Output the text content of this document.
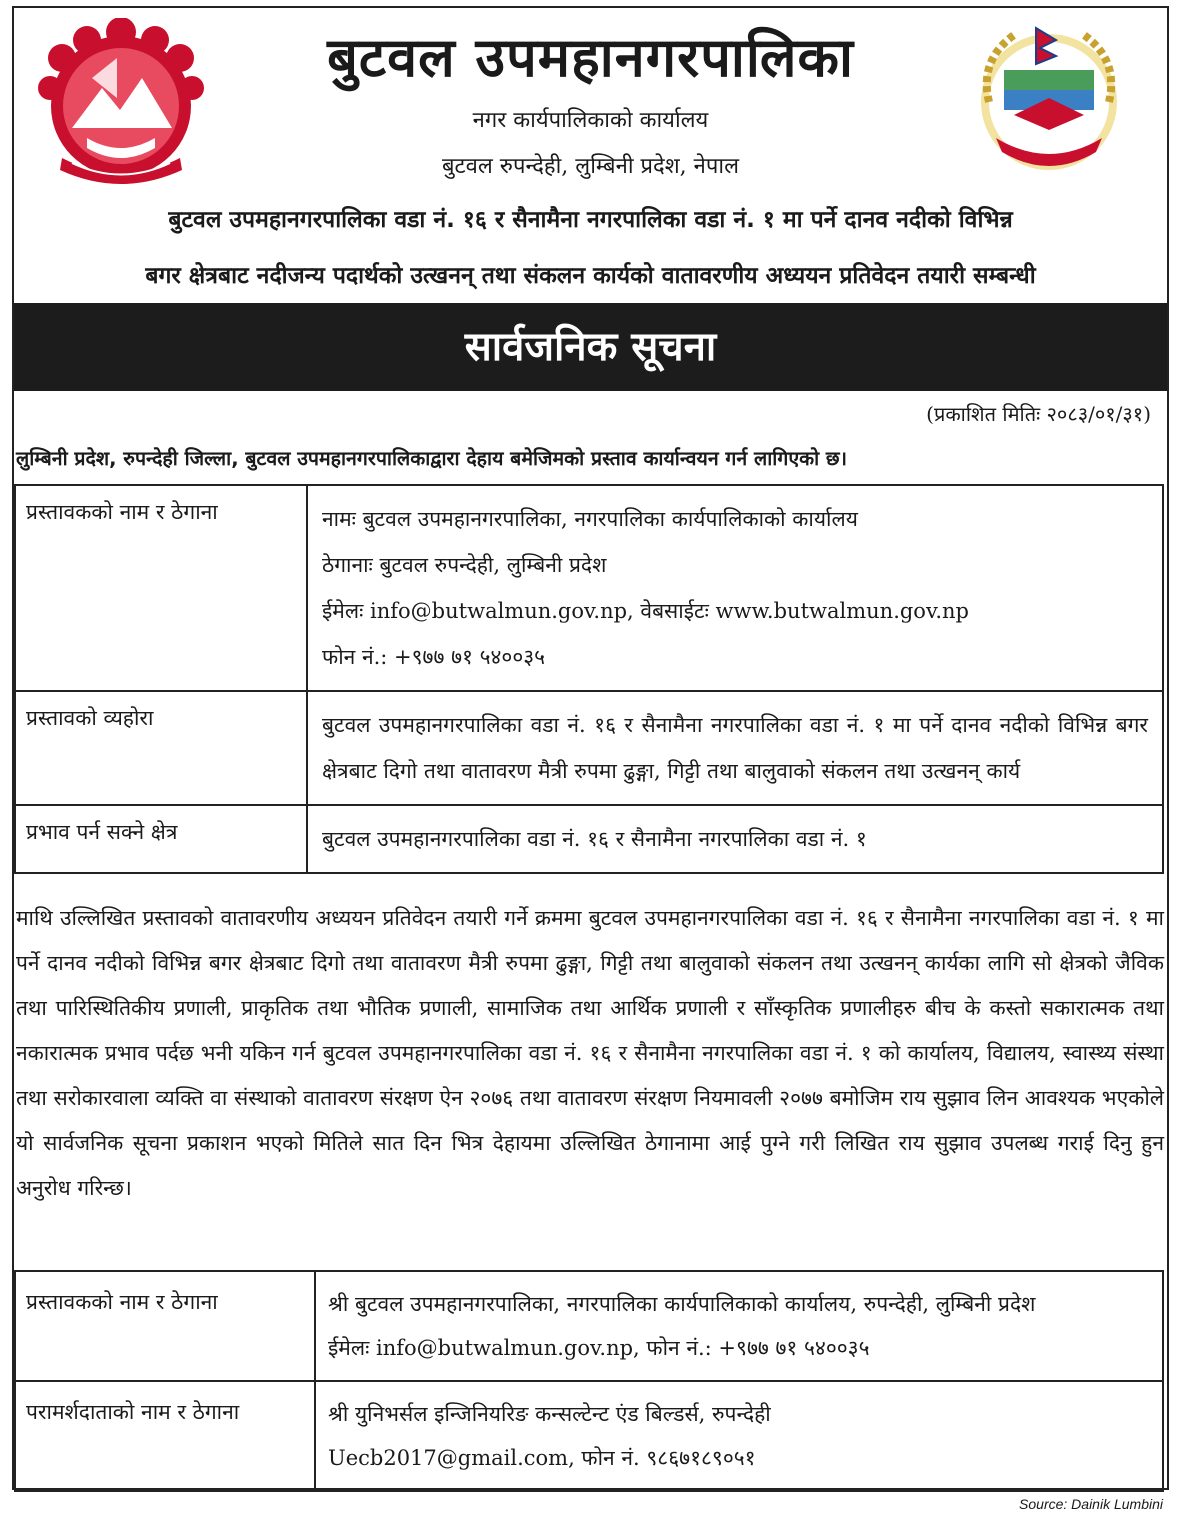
बुटवल उपमहानगरपालिका
नगर कार्यपालिकाको कार्यालय
बुटवल रुपन्देही, लुम्बिनी प्रदेश, नेपाल
बुटवल उपमहानगरपालिका वडा नं. १६ र सैनामैना नगरपालिका वडा नं. १ मा पर्ने दानव नदीको विभिन्न
बगर क्षेत्रबाट नदीजन्य पदार्थको उत्खनन् तथा संकलन कार्यको वातावरणीय अध्ययन प्रतिवेदन तयारी सम्बन्धी
सार्वजनिक सूचना
(प्रकाशित मितिः २०८३/०१/३१)
लुम्बिनी प्रदेश, रुपन्देही जिल्ला, बुटवल उपमहानगरपालिकाद्वारा देहाय बमेजिमको प्रस्ताव कार्यान्वयन गर्न लागिएको छ।
प्रस्तावकको नाम र ठेगाना	नामः बुटवल उपमहानगरपालिका, नगरपालिका कार्यपालिकाको कार्यालय
ठेगानाः बुटवल रुपन्देही, लुम्बिनी प्रदेश
ईमेलः info@butwalmun.gov.np, वेबसाईटः www.butwalmun.gov.np
फोन नं.: +९७७ ७१ ५४००३५

प्रस्तावको व्यहोरा	बुटवल उपमहानगरपालिका वडा नं. १६ र सैनामैना नगरपालिका वडा नं. १ मा पर्ने दानव नदीको विभिन्न बगर क्षेत्रबाट दिगो तथा वातावरण मैत्री रुपमा ढुङ्गा, गिट्टी तथा बालुवाको संकलन तथा उत्खनन् कार्य
प्रभाव पर्न सक्ने क्षेत्र	बुटवल उपमहानगरपालिका वडा नं. १६ र सैनामैना नगरपालिका वडा नं. १
माथि उल्लिखित प्रस्तावको वातावरणीय अध्ययन प्रतिवेदन तयारी गर्ने क्रममा बुटवल उपमहानगरपालिका वडा नं. १६ र सैनामैना नगरपालिका वडा नं. १ मा पर्ने दानव नदीको विभिन्न बगर क्षेत्रबाट दिगो तथा वातावरण मैत्री रुपमा ढुङ्गा, गिट्टी तथा बालुवाको संकलन तथा उत्खनन् कार्यका लागि सो क्षेत्रको जैविक तथा पारिस्थितिकीय प्रणाली, प्राकृतिक तथा भौतिक प्रणाली, सामाजिक तथा आर्थिक प्रणाली र साँस्कृतिक प्रणालीहरु बीच के कस्तो सकारात्मक तथा नकारात्मक प्रभाव पर्दछ भनी यकिन गर्न बुटवल उपमहानगरपालिका वडा नं. १६ र सैनामैना नगरपालिका वडा नं. १ को कार्यालय, विद्यालय, स्वास्थ्य संस्था तथा सरोकारवाला व्यक्ति वा संस्थाको वातावरण संरक्षण ऐन २०७६ तथा वातावरण संरक्षण नियमावली २०७७ बमोजिम राय सुझाव लिन आवश्यक भएकोले यो सार्वजनिक सूचना प्रकाशन भएको मितिले सात दिन भित्र देहायमा उल्लिखित ठेगानामा आई पुग्ने गरी लिखित राय सुझाव उपलब्ध गराई दिनु हुन अनुरोध गरिन्छ।
प्रस्तावकको नाम र ठेगाना	श्री बुटवल उपमहानगरपालिका, नगरपालिका कार्यपालिकाको कार्यालय, रुपन्देही, लुम्बिनी प्रदेश
ईमेलः info@butwalmun.gov.np, फोन नं.: +९७७ ७१ ५४००३५

परामर्शदाताको नाम र ठेगाना	श्री युनिभर्सल इन्जिनियरिङ कन्सल्टेन्ट एंड बिल्डर्स, रुपन्देही
Uecb2017@gmail.com, फोन नं. ९८६७१८९०५१
Source: Dainik Lumbini
